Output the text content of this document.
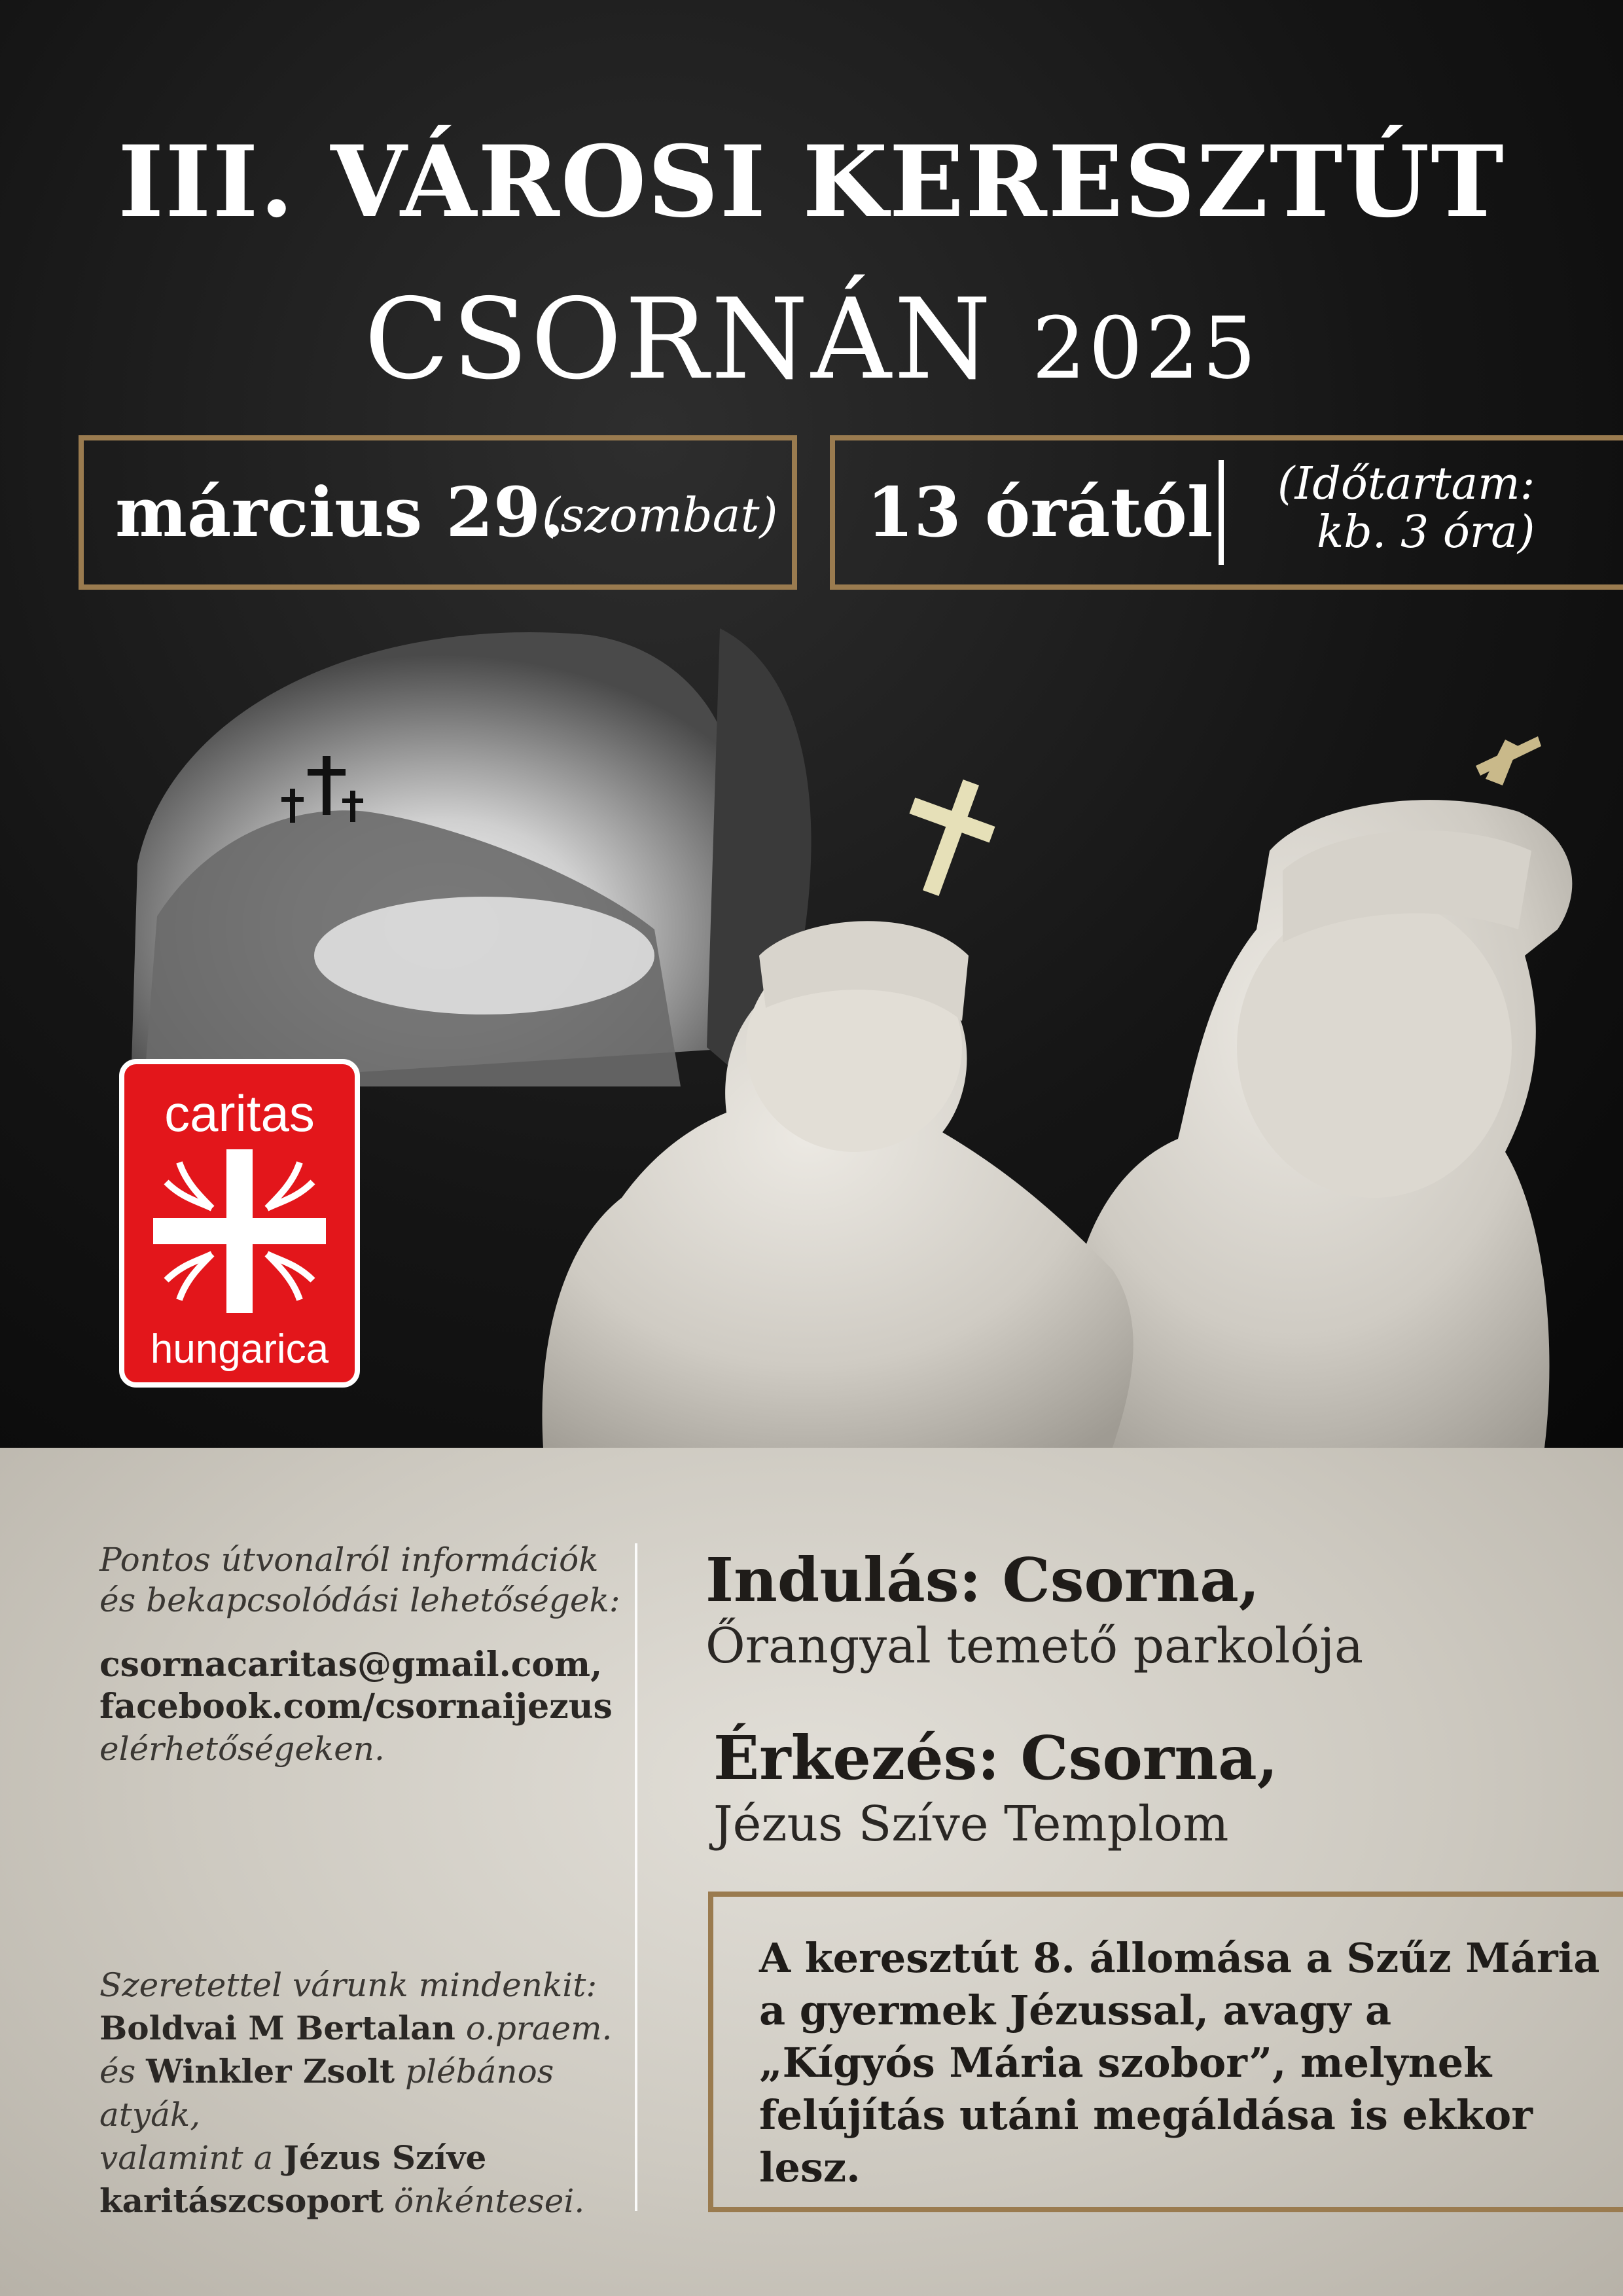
III. VÁROSI KERESZTÚT
CSORNÁN 2025
március 29.
(szombat) 13 órától (Időtartam:
kb. 3 óra)
caritas
hungarica
Pontos útvonalról információk
és bekapcsolódási lehetőségek:
csornacaritas@gmail.com,
facebook.com/csornaijezus
elérhetőségeken.
Indulás: Csorna,
Őrangyal temető parkolója
Érkezés: Csorna,
Jézus Szíve Templom
A keresztút 8. állomása a Szűz Mária
a gyermek Jézussal, avagy a
„Kígyós Mária szobor”, melynek
felújítás utáni megáldása is ekkor lesz.
Szeretettel várunk mindenkit:
Boldvai M Bertalan o.praem.
és Winkler Zsolt plébános atyák,
valamint a Jézus Szíve
karitászcsoport önkéntesei.
